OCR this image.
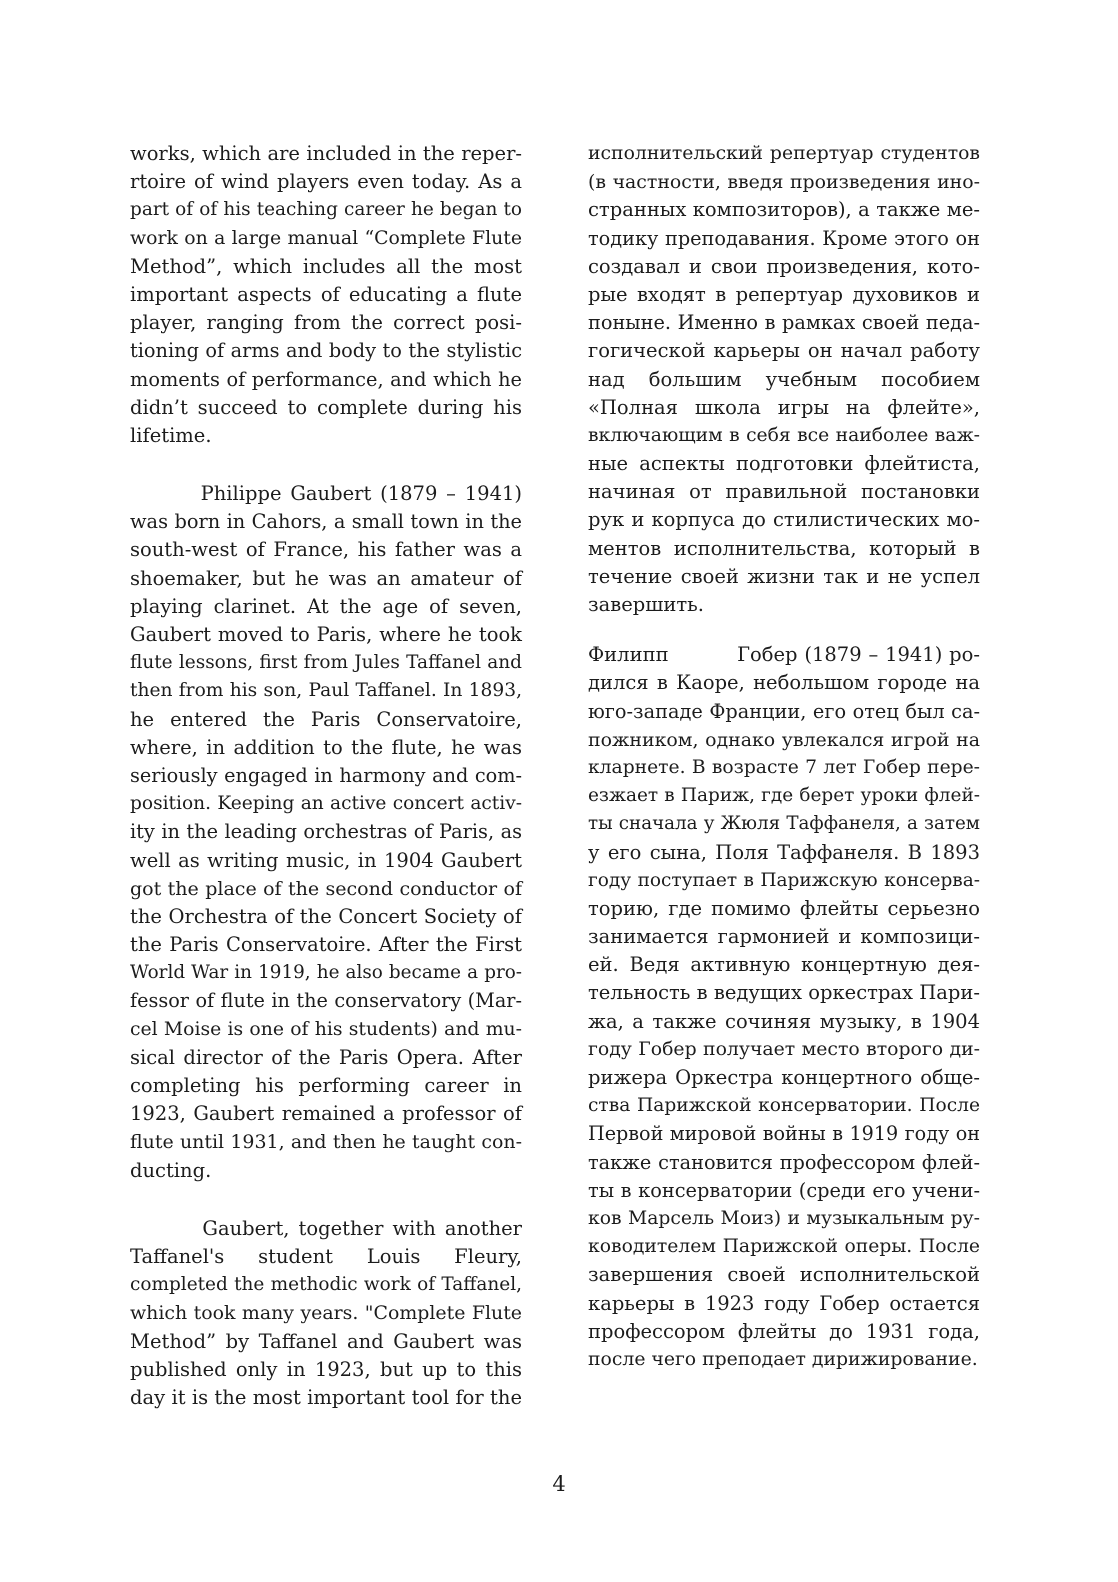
works, which are included in the reper-
rtoire of wind players even today. As a
part of of his teaching career he began to
work on a large manual “Complete Flute
Method”, which includes all the most
important aspects of educating a flute
player, ranging from the correct posi-
tioning of arms and body to the stylistic
moments of performance, and which he
didn’t succeed to complete during his
lifetime.
Philippe Gaubert (1879 – 1941)
was born in Cahors, a small town in the
south-west of France, his father was a
shoemaker, but he was an amateur of
playing clarinet. At the age of seven,
Gaubert moved to Paris, where he took
flute lessons, first from Jules Taffanel and
then from his son, Paul Taffanel. In 1893,
he entered the Paris Conservatoire,
where, in addition to the flute, he was
seriously engaged in harmony and com-
position. Keeping an active concert activ-
ity in the leading orchestras of Paris, as
well as writing music, in 1904 Gaubert
got the place of the second conductor of
the Orchestra of the Concert Society of
the Paris Conservatoire. After the First
World War in 1919, he also became a pro-
fessor of flute in the conservatory (Mar-
cel Moise is one of his students) and mu-
sical director of the Paris Opera. After
completing his performing career in
1923, Gaubert remained a professor of
flute until 1931, and then he taught con-
ducting.
Gaubert, together with another
Taffanel's student Louis Fleury,
completed the methodic work of Taffanel,
which took many years. "Complete Flute
Method” by Taffanel and Gaubert was
published only in 1923, but up to this
day it is the most important tool for the
исполнительский репертуар студентов
(в частности, введя произведения ино-
странных композиторов), а также ме-
тодику преподавания. Кроме этого он
создавал и свои произведения, кото-
рые входят в репертуар духовиков и
поныне. Именно в рамках своей педа-
гогической карьеры он начал работу
над большим учебным пособием
«Полная школа игры на флейте»,
включающим в себя все наиболее важ-
ные аспекты подготовки флейтиста,
начиная от правильной постановки
рук и корпуса до стилистических мо-
ментов исполнительства, который в
течение своей жизни так и не успел
завершить.
Филипп          Гобер (1879 – 1941) ро-
дился в Каоре, небольшом городе на
юго-западе Франции, его отец был са-
пожником, однако увлекался игрой на
кларнете. В возрасте 7 лет Гобер пере-
езжает в Париж, где берет уроки флей-
ты сначала у Жюля Таффанеля, а затем
у его сына, Поля Таффанеля. В 1893
году поступает в Парижскую консерва-
торию, где помимо флейты серьезно
занимается гармонией и композици-
ей. Ведя активную концертную дея-
тельность в ведущих оркестрах Пари-
жа, а также сочиняя музыку, в 1904
году Гобер получает место второго ди-
рижера Оркестра концертного обще-
ства Парижской консерватории. После
Первой мировой войны в 1919 году он
также становится профессором флей-
ты в консерватории (среди его учени-
ков Марсель Моиз) и музыкальным ру-
ководителем Парижской оперы. После
завершения своей исполнительской
карьеры в 1923 году Гобер остается
профессором флейты до 1931 года,
после чего преподает дирижирование.
4
